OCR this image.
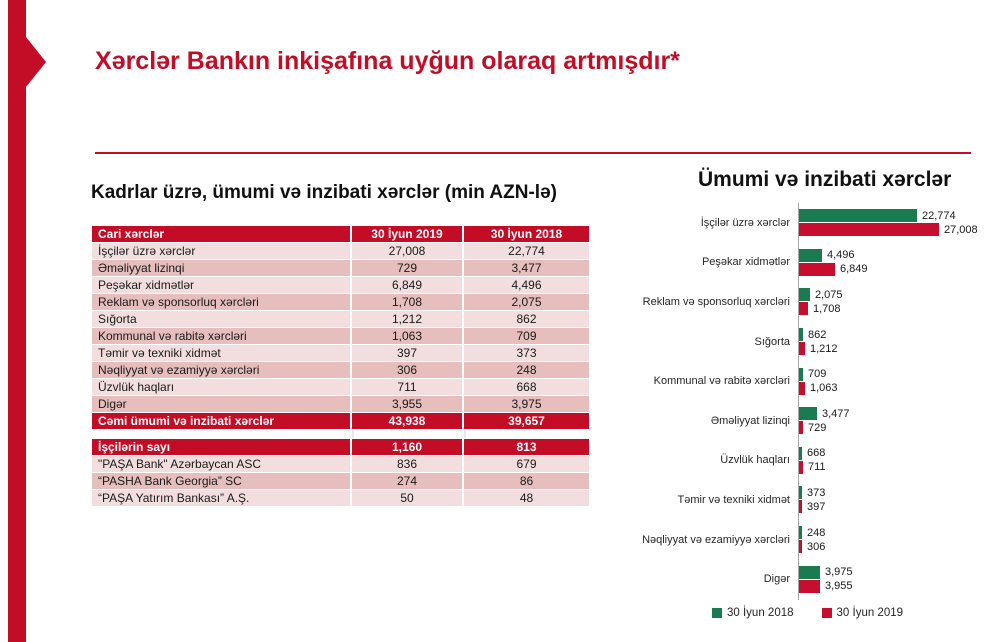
Xərclər Bankın inkişafına uyğun olaraq artmışdır*
Kadrlar üzrə, ümumi və inzibati xərclər (min AZN-lə)
Cari xərclər	30 İyun 2019	30 İyun 2018
İşçilər üzrə xərclər	27,008	22,774
Əməliyyat lizinqi	729	3,477
Peşəkar xidmətlər	6,849	4,496
Reklam və sponsorluq xərcləri	1,708	2,075
Sığorta	1,212	862
Kommunal və rabitə xərcləri	1,063	709
Təmir və texniki xidmət	397	373
Nəqliyyat və ezamiyyə xərcləri	306	248
Üzvlük haqları	711	668
Digər	3,955	3,975
Cəmi ümumi və inzibati xərclər	43,938	39,657

İşçilərin sayı	1,160	813
"PAŞA Bank" Azərbaycan ASC	836	679
“PASHA Bank Georgia” SC	274	86
“PAŞA Yatırım Bankası” A.Ş.	50	48
Ümumi və inzibati xərclər
İşçilər üzrə xərclər
22,774
27,008
Peşəkar xidmətlər
4,496
6,849
Reklam və sponsorluq xərcləri
2,075
1,708
Sığorta
862
1,212
Kommunal və rabitə xərcləri
709
1,063
Əməliyyat lizinqi
3,477
729
Üzvlük haqları
668
711
Təmir və texniki xidmət
373
397
Nəqliyyat və ezamiyyə xərcləri
248
306
Digər
3,975
3,955
30 İyun 2018	30 İyun 2019
